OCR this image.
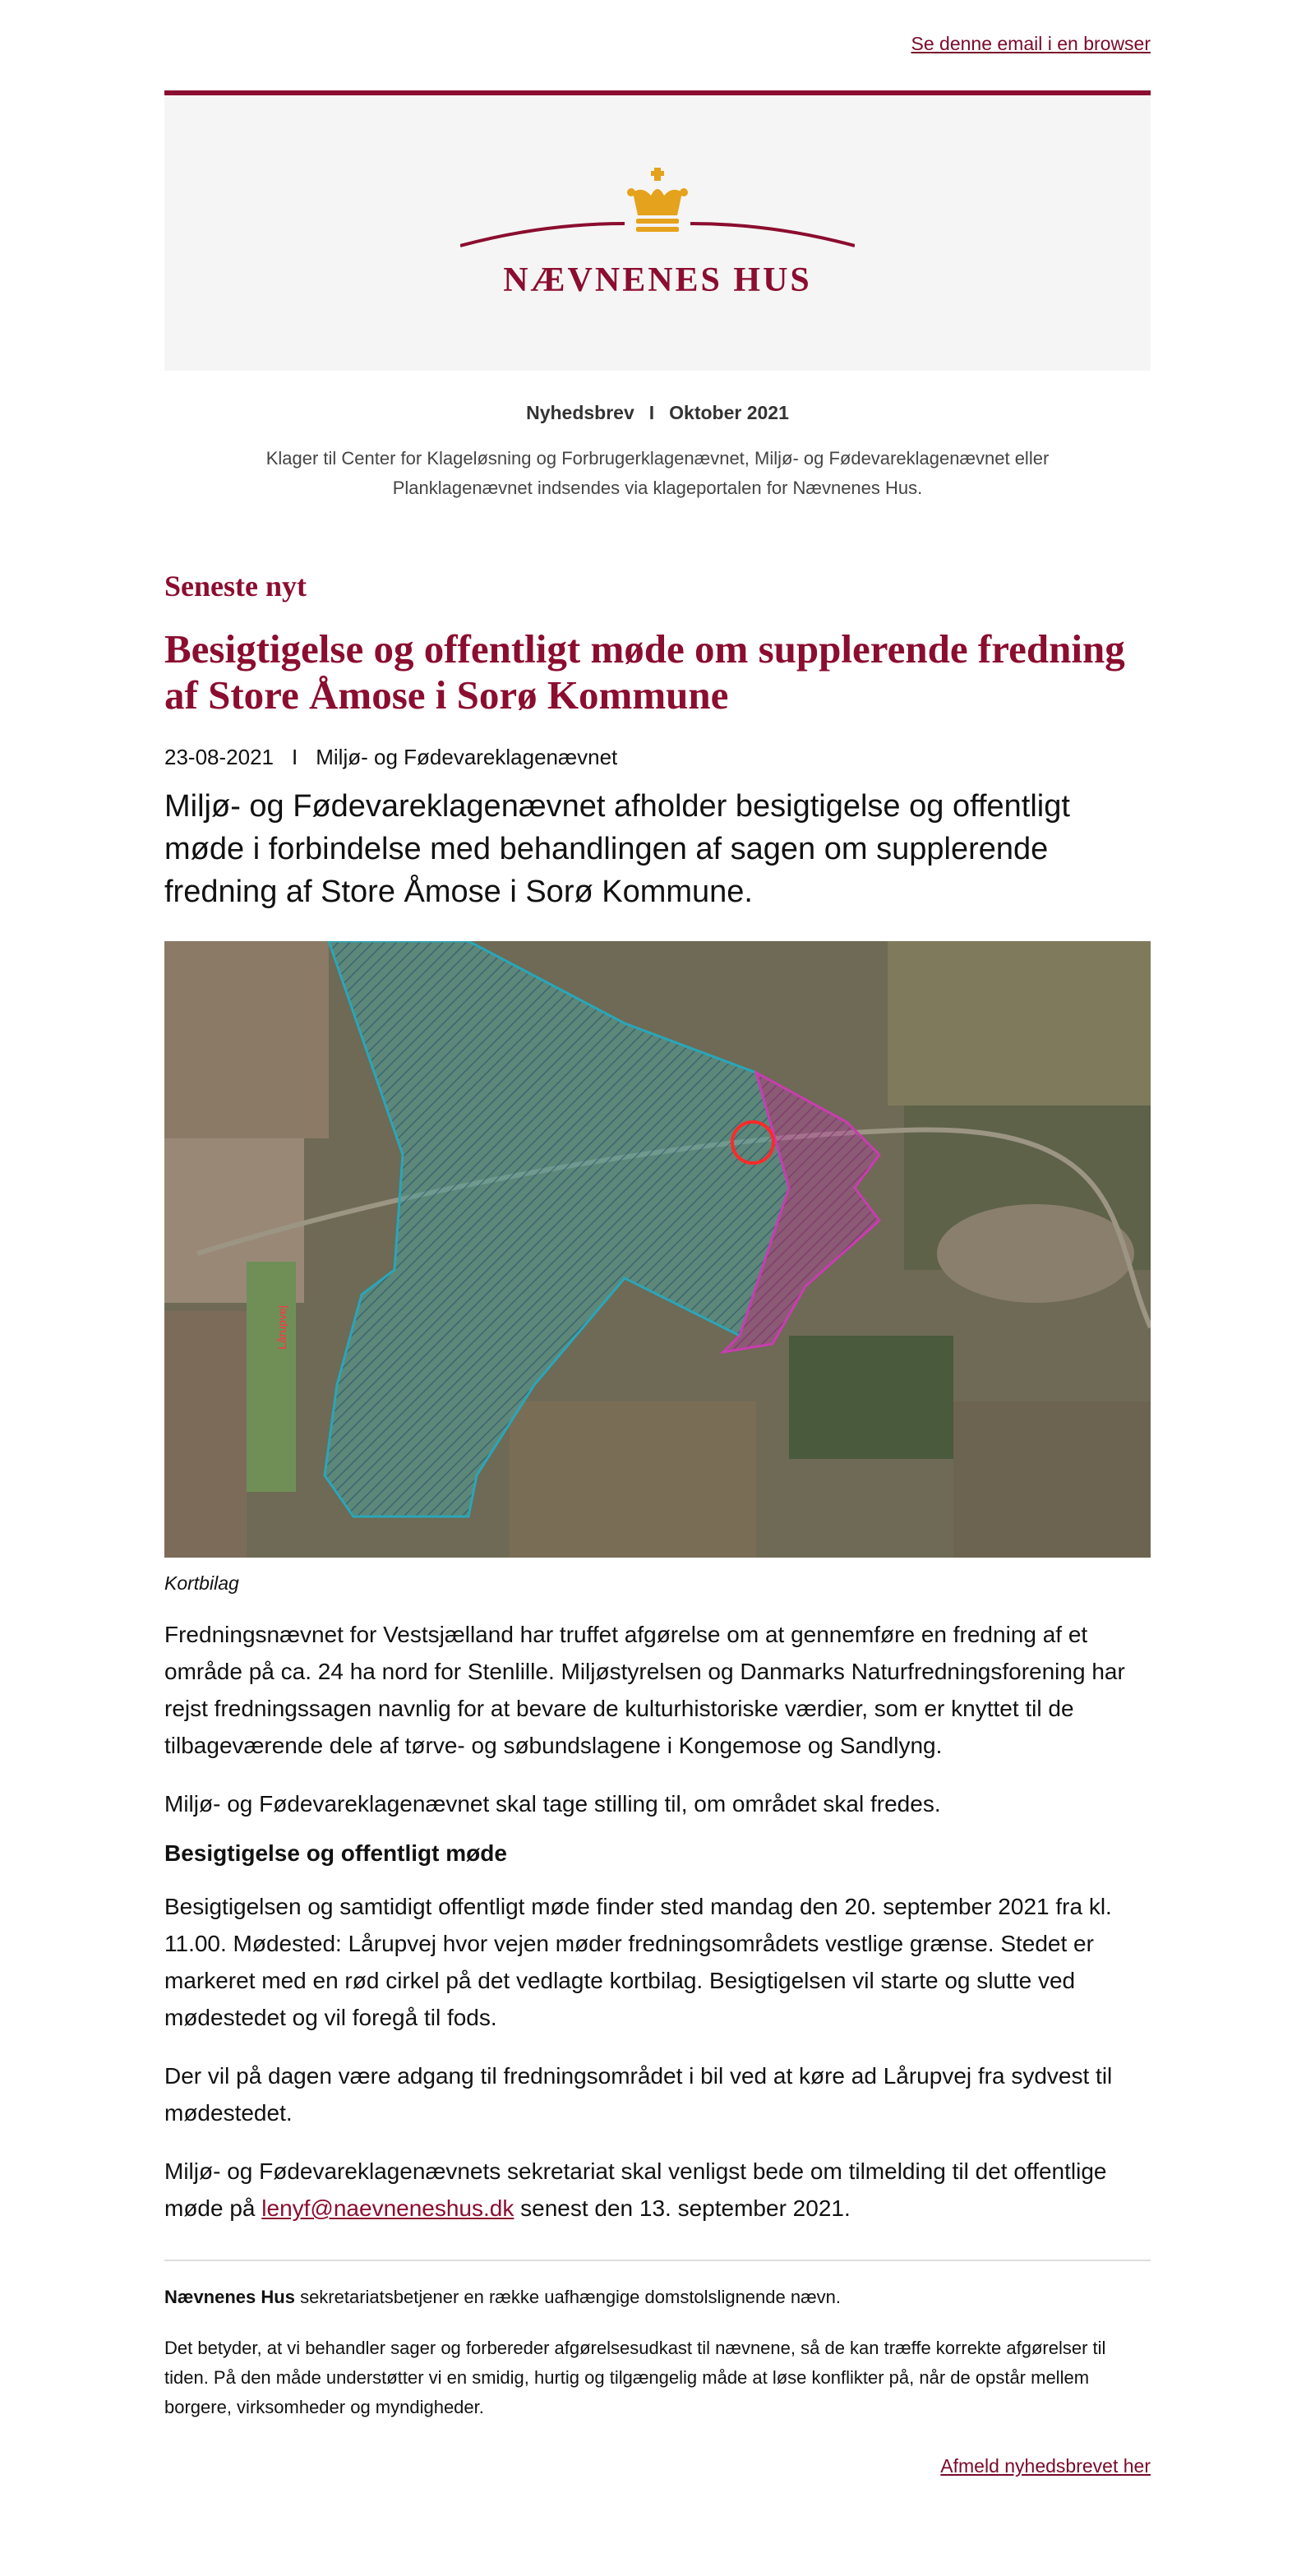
Se denne email i en browser
NÆVNENES HUS
Nyhedsbrev I Oktober 2021
Klager til Center for Klageløsning og Forbrugerklagenævnet, Miljø- og Fødevareklagenævnet eller Planklagenævnet indsendes via klageportalen for Nævnenes Hus.
Seneste nyt
Besigtigelse og offentligt møde om supplerende fredning af Store Åmose i Sorø Kommune
23-08-2021 I Miljø- og Fødevareklagenævnet
Miljø- og Fødevareklagenævnet afholder besigtigelse og offentligt møde i forbindelse med behandlingen af sagen om supplerende fredning af Store Åmose i Sorø Kommune.
Lårupvej
Kortbilag

Fredningsnævnet for Vestsjælland har truffet afgørelse om at gennemføre en fredning af et område på ca. 24 ha nord for Stenlille. Miljøstyrelsen og Danmarks Naturfredningsforening har rejst fredningssagen navnlig for at bevare de kulturhistoriske værdier, som er knyttet til de tilbageværende dele af tørve- og søbundslagene i Kongemose og Sandlyng.

Miljø- og Fødevareklagenævnet skal tage stilling til, om området skal fredes.

Besigtigelse og offentligt møde

Besigtigelsen og samtidigt offentligt møde finder sted mandag den 20. september 2021 fra kl. 11.00. Mødested: Lårupvej hvor vejen møder fredningsområdets vestlige grænse. Stedet er markeret med en rød cirkel på det vedlagte kortbilag. Besigtigelsen vil starte og slutte ved mødestedet og vil foregå til fods.

Der vil på dagen være adgang til fredningsområdet i bil ved at køre ad Lårupvej fra sydvest til mødestedet.

Miljø- og Fødevareklagenævnets sekretariat skal venligst bede om tilmelding til det offentlige møde på lenyf@naevneneshus.dk senest den 13. september 2021.

Nævnenes Hus sekretariatsbetjener en række uafhængige domstolslignende nævn.

Det betyder, at vi behandler sager og forbereder afgørelsesudkast til nævnene, så de kan træffe korrekte afgørelser til tiden. På den måde understøtter vi en smidig, hurtig og tilgængelig måde at løse konflikter på, når de opstår mellem borgere, virksomheder og myndigheder.

Afmeld nyhedsbrevet her
